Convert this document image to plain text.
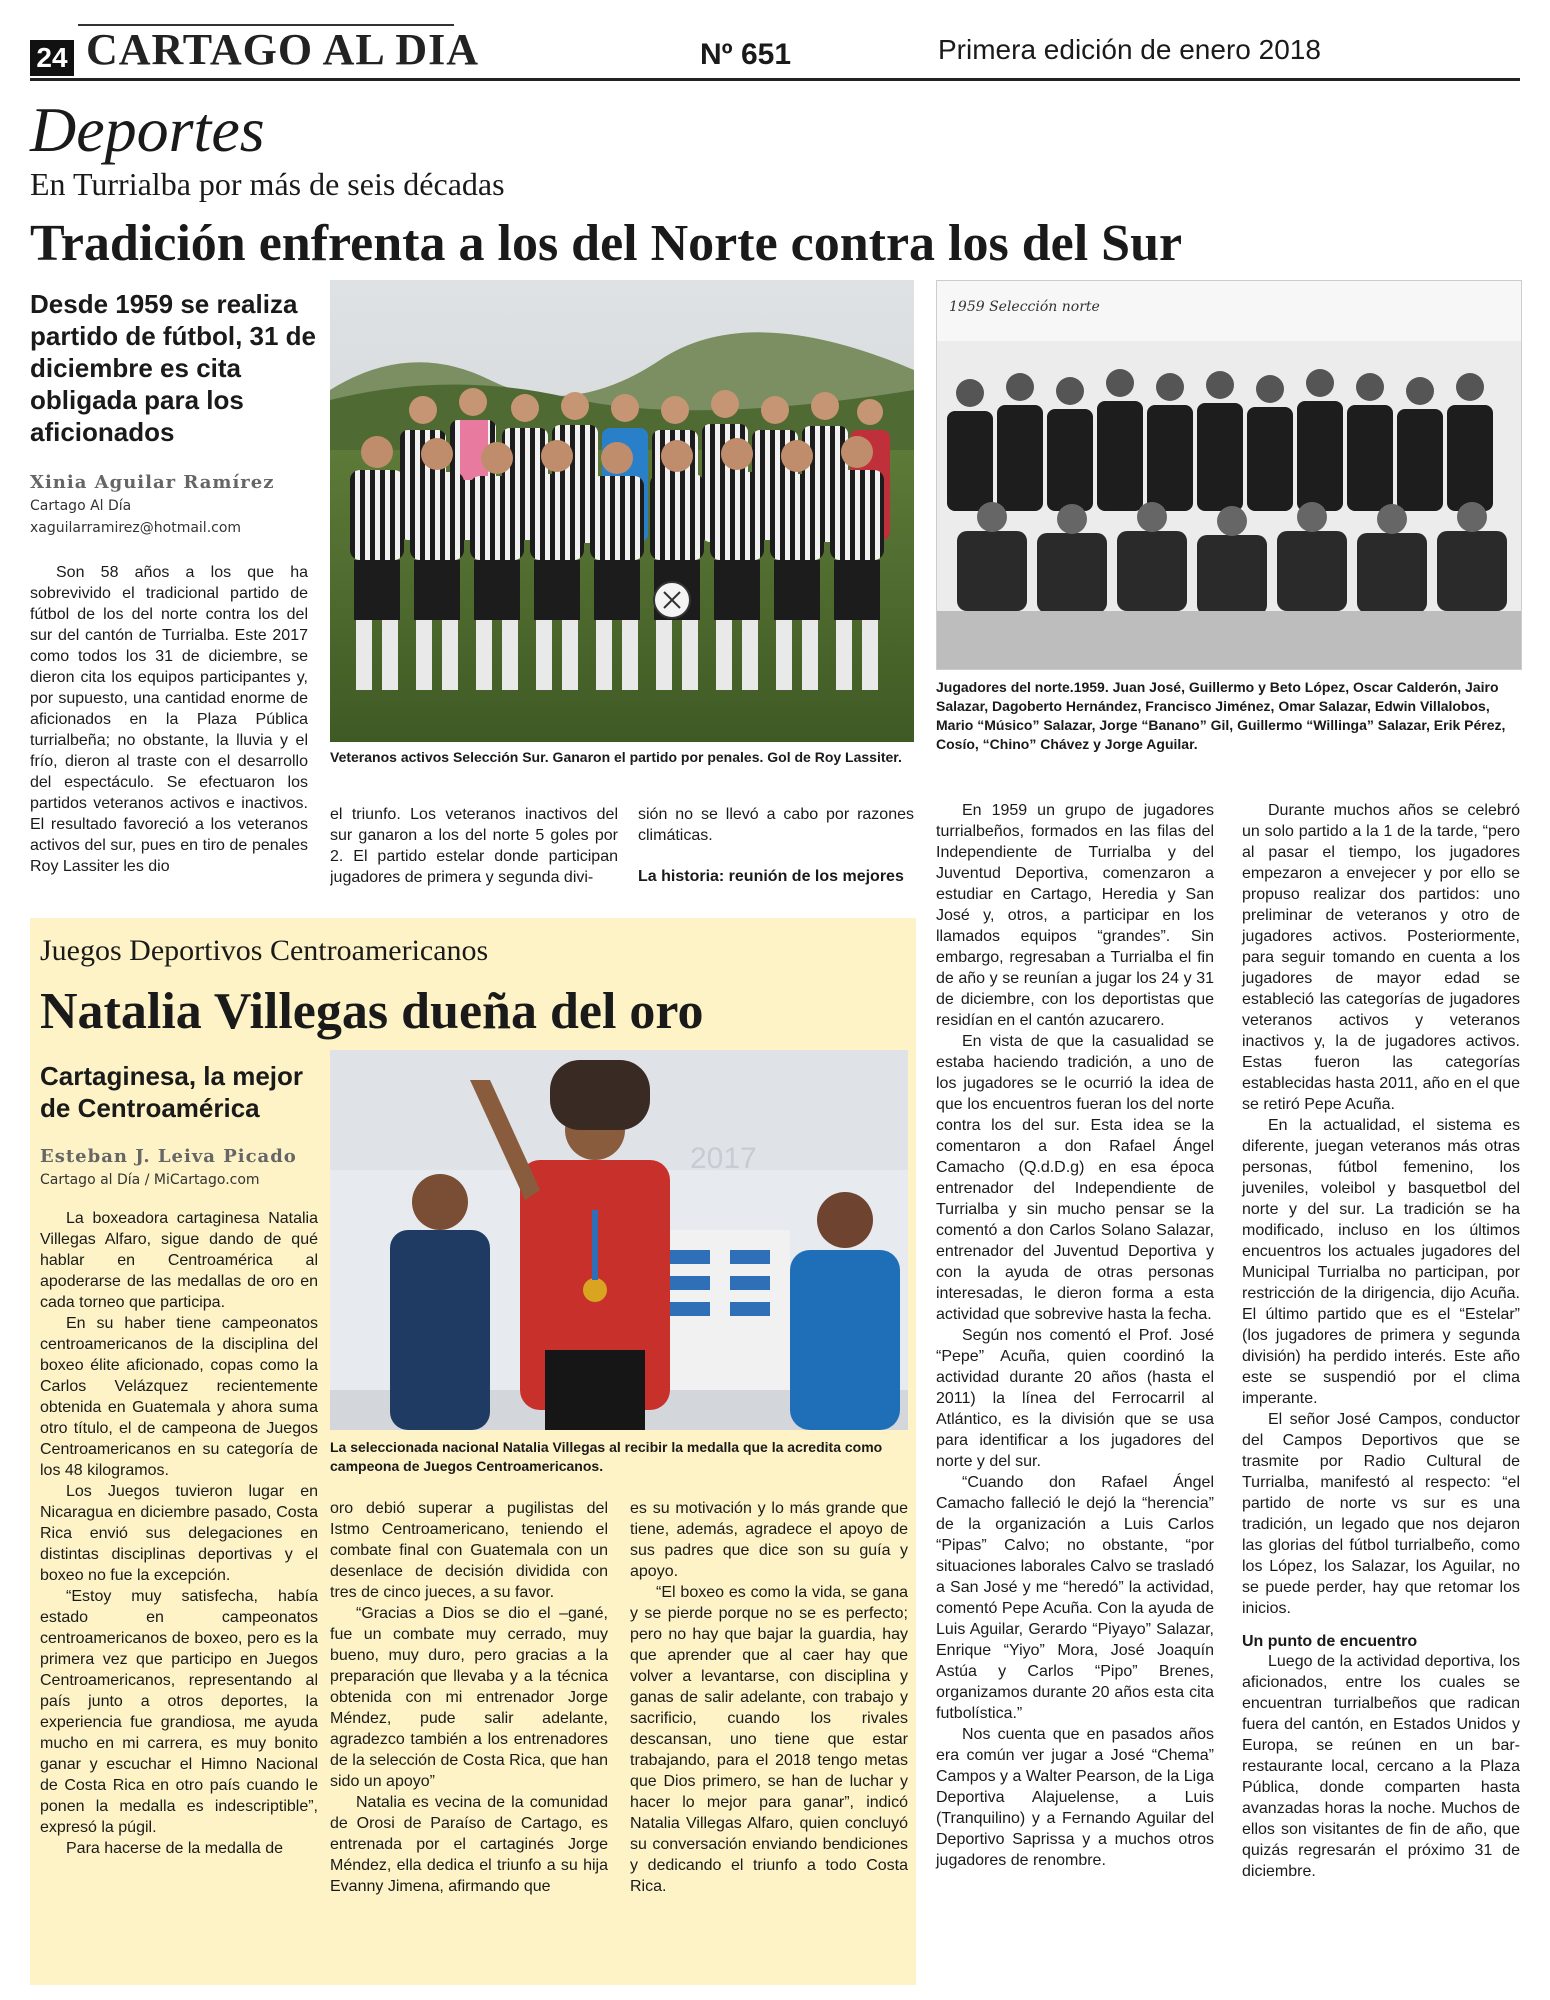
24 CARTAGO AL DIA	Nº 651	Primera edición de enero 2018
Deportes
En Turrialba por más de seis décadas
Tradición enfrenta a los del Norte contra los del Sur
Desde 1959 se realiza partido de fútbol, 31 de diciembre es cita obligada para los aficionados
Xinia Aguilar Ramírez
Cartago Al Día
xaguilarramirez@hotmail.com

Son 58 años a los que ha sobrevivido el tradicional partido de fútbol de los del norte contra los del sur del cantón de Turrialba. Este 2017 como todos los 31 de diciembre, se dieron cita los equipos participantes y, por supuesto, una cantidad enorme de aficionados en la Plaza Pública turrialbeña; no obstante, la lluvia y el frío, dieron al traste con el desarrollo del espectáculo. Se efectuaron los partidos veteranos activos e inactivos. El resultado favoreció a los veteranos activos del sur, pues en tiro de penales Roy Lassiter les dio

Veteranos activos Selección Sur. Ganaron el partido por penales. Gol de Roy Lassiter.

el triunfo. Los veteranos inactivos del sur ganaron a los del norte 5 goles por 2. El partido estelar donde participan jugadores de primera y segunda divi-

sión no se llevó a cabo por razones climáticas.

La historia: reunión de los mejores
1959 Selección norte
Jugadores del norte.1959. Juan José, Guillermo y Beto López, Oscar Calderón, Jairo Salazar, Dagoberto Hernández, Francisco Jiménez, Omar Salazar, Edwin Villalobos, Mario “Músico” Salazar, Jorge “Banano” Gil, Guillermo “Willinga” Salazar, Erik Pérez, Cosío, “Chino” Chávez y Jorge Aguilar.

En 1959 un grupo de jugadores turrialbeños, formados en las filas del Independiente de Turrialba y del Juventud Deportiva, comenzaron a estudiar en Cartago, Heredia y San José y, otros, a participar en los llamados equipos “grandes”. Sin embargo, regresaban a Turrialba el fin de año y se reunían a jugar los 24 y 31 de diciembre, con los deportistas que residían en el cantón azucarero.

En vista de que la casualidad se estaba haciendo tradición, a uno de los jugadores se le ocurrió la idea de que los encuentros fueran los del norte contra los del sur. Esta idea se la comentaron a don Rafael Ángel Camacho (Q.d.D.g) en esa época entrenador del Independiente de Turrialba y sin mucho pensar se la comentó a don Carlos Solano Salazar, entrenador del Juventud Deportiva y con la ayuda de otras personas interesadas, le dieron forma a esta actividad que sobrevive hasta la fecha.

Según nos comentó el Prof. José “Pepe” Acuña, quien coordinó la actividad durante 20 años (hasta el 2011) la línea del Ferrocarril al Atlántico, es la división que se usa para identificar a los jugadores del norte y del sur.

“Cuando don Rafael Ángel Camacho falleció le dejó la “herencia” de la organización a Luis Carlos “Pipas” Calvo; no obstante, “por situaciones laborales Calvo se trasladó a San José y me “heredó” la actividad, comentó Pepe Acuña. Con la ayuda de Luis Aguilar, Gerardo “Piyayo” Salazar, Enrique “Yiyo” Mora, José Joaquín Astúa y Carlos “Pipo” Brenes, organizamos durante 20 años esta cita futbolística.”

Nos cuenta que en pasados años era común ver jugar a José “Chema” Campos y a Walter Pearson, de la Liga Deportiva Alajuelense, a Luis (Tranquilino) y a Fernando Aguilar del Deportivo Saprissa y a muchos otros jugadores de renombre.

Durante muchos años se celebró un solo partido a la 1 de la tarde, “pero al pasar el tiempo, los jugadores empezaron a envejecer y por ello se propuso realizar dos partidos: uno preliminar de veteranos y otro de jugadores activos. Posteriormente, para seguir tomando en cuenta a los jugadores de mayor edad se estableció las categorías de jugadores veteranos activos y veteranos inactivos y, la de jugadores activos. Estas fueron las categorías establecidas hasta 2011, año en el que se retiró Pepe Acuña.

En la actualidad, el sistema es diferente, juegan veteranos más otras personas, fútbol femenino, los juveniles, voleibol y basquetbol del norte y del sur. La tradición se ha modificado, incluso en los últimos encuentros los actuales jugadores del Municipal Turrialba no participan, por restricción de la dirigencia, dijo Acuña. El último partido que es el “Estelar” (los jugadores de primera y segunda división) ha perdido interés. Este año este se suspendió por el clima imperante.

El señor José Campos, conductor del Campos Deportivos que se trasmite por Radio Cultural de Turrialba, manifestó al respecto: “el partido de norte vs sur es una tradición, un legado que nos dejaron las glorias del fútbol turrialbeño, como los López, los Salazar, los Aguilar, no se puede perder, hay que retomar los inicios.

Un punto de encuentro

Luego de la actividad deportiva, los aficionados, entre los cuales se encuentran turrialbeños que radican fuera del cantón, en Estados Unidos y Europa, se reúnen en un bar-restaurante local, cercano a la Plaza Pública, donde comparten hasta avanzadas horas la noche. Muchos de ellos son visitantes de fin de año, que quizás regresarán el próximo 31 de diciembre.

Juegos Deportivos Centroamericanos
Natalia Villegas dueña del oro
Cartaginesa, la mejor de Centroamérica
Esteban J. Leiva Picado
Cartago al Día / MiCartago.com

La boxeadora cartaginesa Natalia Villegas Alfaro, sigue dando de qué hablar en Centroamérica al apoderarse de las medallas de oro en cada torneo que participa.

En su haber tiene campeonatos centroamericanos de la disciplina del boxeo élite aficionado, copas como la Carlos Velázquez recientemente obtenida en Guatemala y ahora suma otro título, el de campeona de Juegos Centroamericanos en su categoría de los 48 kilogramos.

Los Juegos tuvieron lugar en Nicaragua en diciembre pasado, Costa Rica envió sus delegaciones en distintas disciplinas deportivas y el boxeo no fue la excepción.

“Estoy muy satisfecha, había estado en campeonatos centroamericanos de boxeo, pero es la primera vez que participo en Juegos Centroamericanos, representando al país junto a otros deportes, la experiencia fue grandiosa, me ayuda mucho en mi carrera, es muy bonito ganar y escuchar el Himno Nacional de Costa Rica en otro país cuando le ponen la medalla es indescriptible”, expresó la púgil.

Para hacerse de la medalla de

2017
La seleccionada nacional Natalia Villegas al recibir la medalla que la acredita como campeona de Juegos Centroamericanos.

oro debió superar a pugilistas del Istmo Centroamericano, teniendo el combate final con Guatemala con un desenlace de decisión dividida con tres de cinco jueces, a su favor.

“Gracias a Dios se dio el –gané, fue un combate muy cerrado, muy bueno, muy duro, pero gracias a la preparación que llevaba y a la técnica obtenida con mi entrenador Jorge Méndez, pude salir adelante, agradezco también a los entrenadores de la selección de Costa Rica, que han sido un apoyo”

Natalia es vecina de la comunidad de Orosi de Paraíso de Cartago, es entrenada por el cartaginés Jorge Méndez, ella dedica el triunfo a su hija Evanny Jimena, afirmando que

es su motivación y lo más grande que tiene, además, agradece el apoyo de sus padres que dice son su guía y apoyo.

“El boxeo es como la vida, se gana y se pierde porque no se es perfecto; pero no hay que bajar la guardia, hay que aprender que al caer hay que volver a levantarse, con disciplina y ganas de salir adelante, con trabajo y sacrificio, cuando los rivales descansan, uno tiene que estar trabajando, para el 2018 tengo metas que Dios primero, se han de luchar y hacer lo mejor para ganar”, indicó Natalia Villegas Alfaro, quien concluyó su conversación enviando bendiciones y dedicando el triunfo a todo Costa Rica.
